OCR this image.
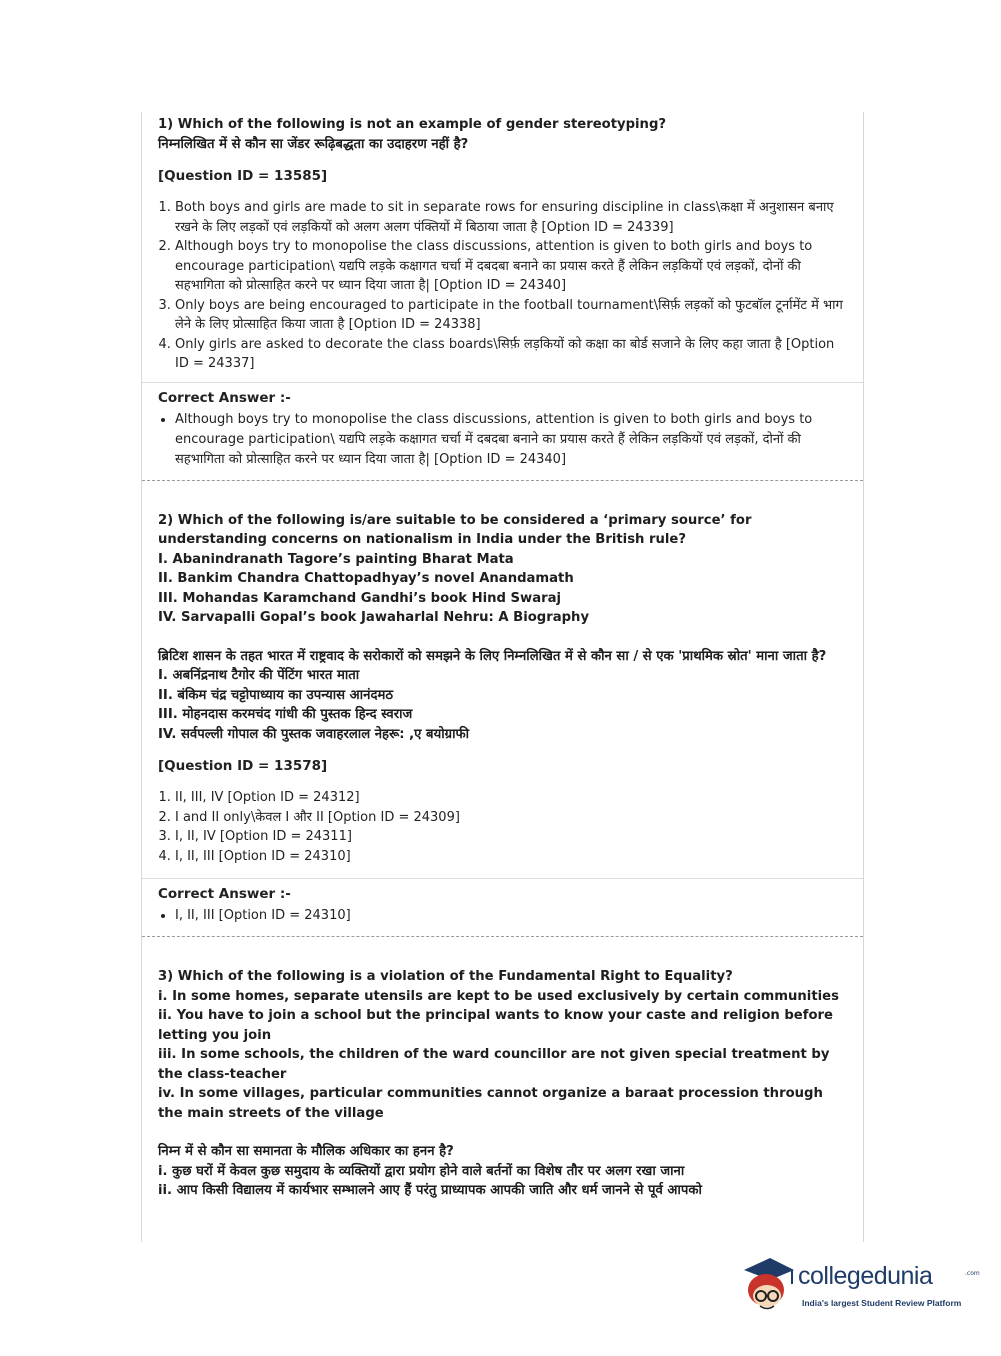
1) Which of the following is not an example of gender stereotyping?
निम्नलिखित में से कौन सा जेंडर रूढ़िबद्धता का उदाहरण नहीं है?
[Question ID = 13585]
1. Both boys and girls are made to sit in separate rows for ensuring discipline in class\कक्षा में अनुशासन बनाए रखने के लिए लड़कों एवं लड़कियों को अलग अलग पंक्तियों में बिठाया जाता है [Option ID = 24339]
2. Although boys try to monopolise the class discussions, attention is given to both girls and boys to encourage participation\ यद्यपि लड़के कक्षागत चर्चा में दबदबा बनाने का प्रयास करते हैं लेकिन लड़कियों एवं लड़कों, दोनों की सहभागिता को प्रोत्साहित करने पर ध्यान दिया जाता है| [Option ID = 24340]
3. Only boys are being encouraged to participate in the football tournament\सिर्फ़ लड़कों को फुटबॉल टूर्नामेंट में भाग लेने के लिए प्रोत्साहित किया जाता है [Option ID = 24338]
4. Only girls are asked to decorate the class boards\सिर्फ़ लड़कियों को कक्षा का बोर्ड सजाने के लिए कहा जाता है [Option ID = 24337]
Correct Answer :-
• Although boys try to monopolise the class discussions, attention is given to both girls and boys to encourage participation\ यद्यपि लड़के कक्षागत चर्चा में दबदबा बनाने का प्रयास करते हैं लेकिन लड़कियों एवं लड़कों, दोनों की सहभागिता को प्रोत्साहित करने पर ध्यान दिया जाता है| [Option ID = 24340]
2) Which of the following is/are suitable to be considered a ‘primary source’ for understanding concerns on nationalism in India under the British rule?
I. Abanindranath Tagore’s painting Bharat Mata
II. Bankim Chandra Chattopadhyay’s novel Anandamath
III. Mohandas Karamchand Gandhi’s book Hind Swaraj
IV. Sarvapalli Gopal’s book Jawaharlal Nehru: A Biography
ब्रिटिश शासन के तहत भारत में राष्ट्रवाद के सरोकारों को समझने के लिए निम्नलिखित में से कौन सा / से एक 'प्राथमिक स्रोत' माना जाता है?
I. अबनिंद्रनाथ टैगोर की पेंटिंग भारत माता
II. बंकिम चंद्र चट्टोपाध्याय का उपन्यास आनंदमठ
III. मोहनदास करमचंद गांधी की पुस्तक हिन्द स्वराज
IV. सर्वपल्ली गोपाल की पुस्तक जवाहरलाल नेहरू: ,ए बयोग्राफी
[Question ID = 13578]
1. II, III, IV [Option ID = 24312]
2. I and II only\केवल I और II [Option ID = 24309]
3. I, II, IV [Option ID = 24311]
4. I, II, III [Option ID = 24310]
Correct Answer :-
• I, II, III [Option ID = 24310]
3) Which of the following is a violation of the Fundamental Right to Equality?
i. In some homes, separate utensils are kept to be used exclusively by certain communities
ii. You have to join a school but the principal wants to know your caste and religion before letting you join
iii. In some schools, the children of the ward councillor are not given special treatment by the class-teacher
iv. In some villages, particular communities cannot organize a baraat procession through the main streets of the village
निम्न में से कौन सा समानता के मौलिक अधिकार का हनन है?
i. कुछ घरों में केवल कुछ समुदाय के व्यक्तियों द्वारा प्रयोग होने वाले बर्तनों का विशेष तौर पर अलग रखा जाना
ii. आप किसी विद्यालय में कार्यभार सम्भालने आए हैं परंतु प्राध्यापक आपकी जाति और धर्म जानने से पूर्व आपको
collegedunia	.com
India's largest Student Review Platform
